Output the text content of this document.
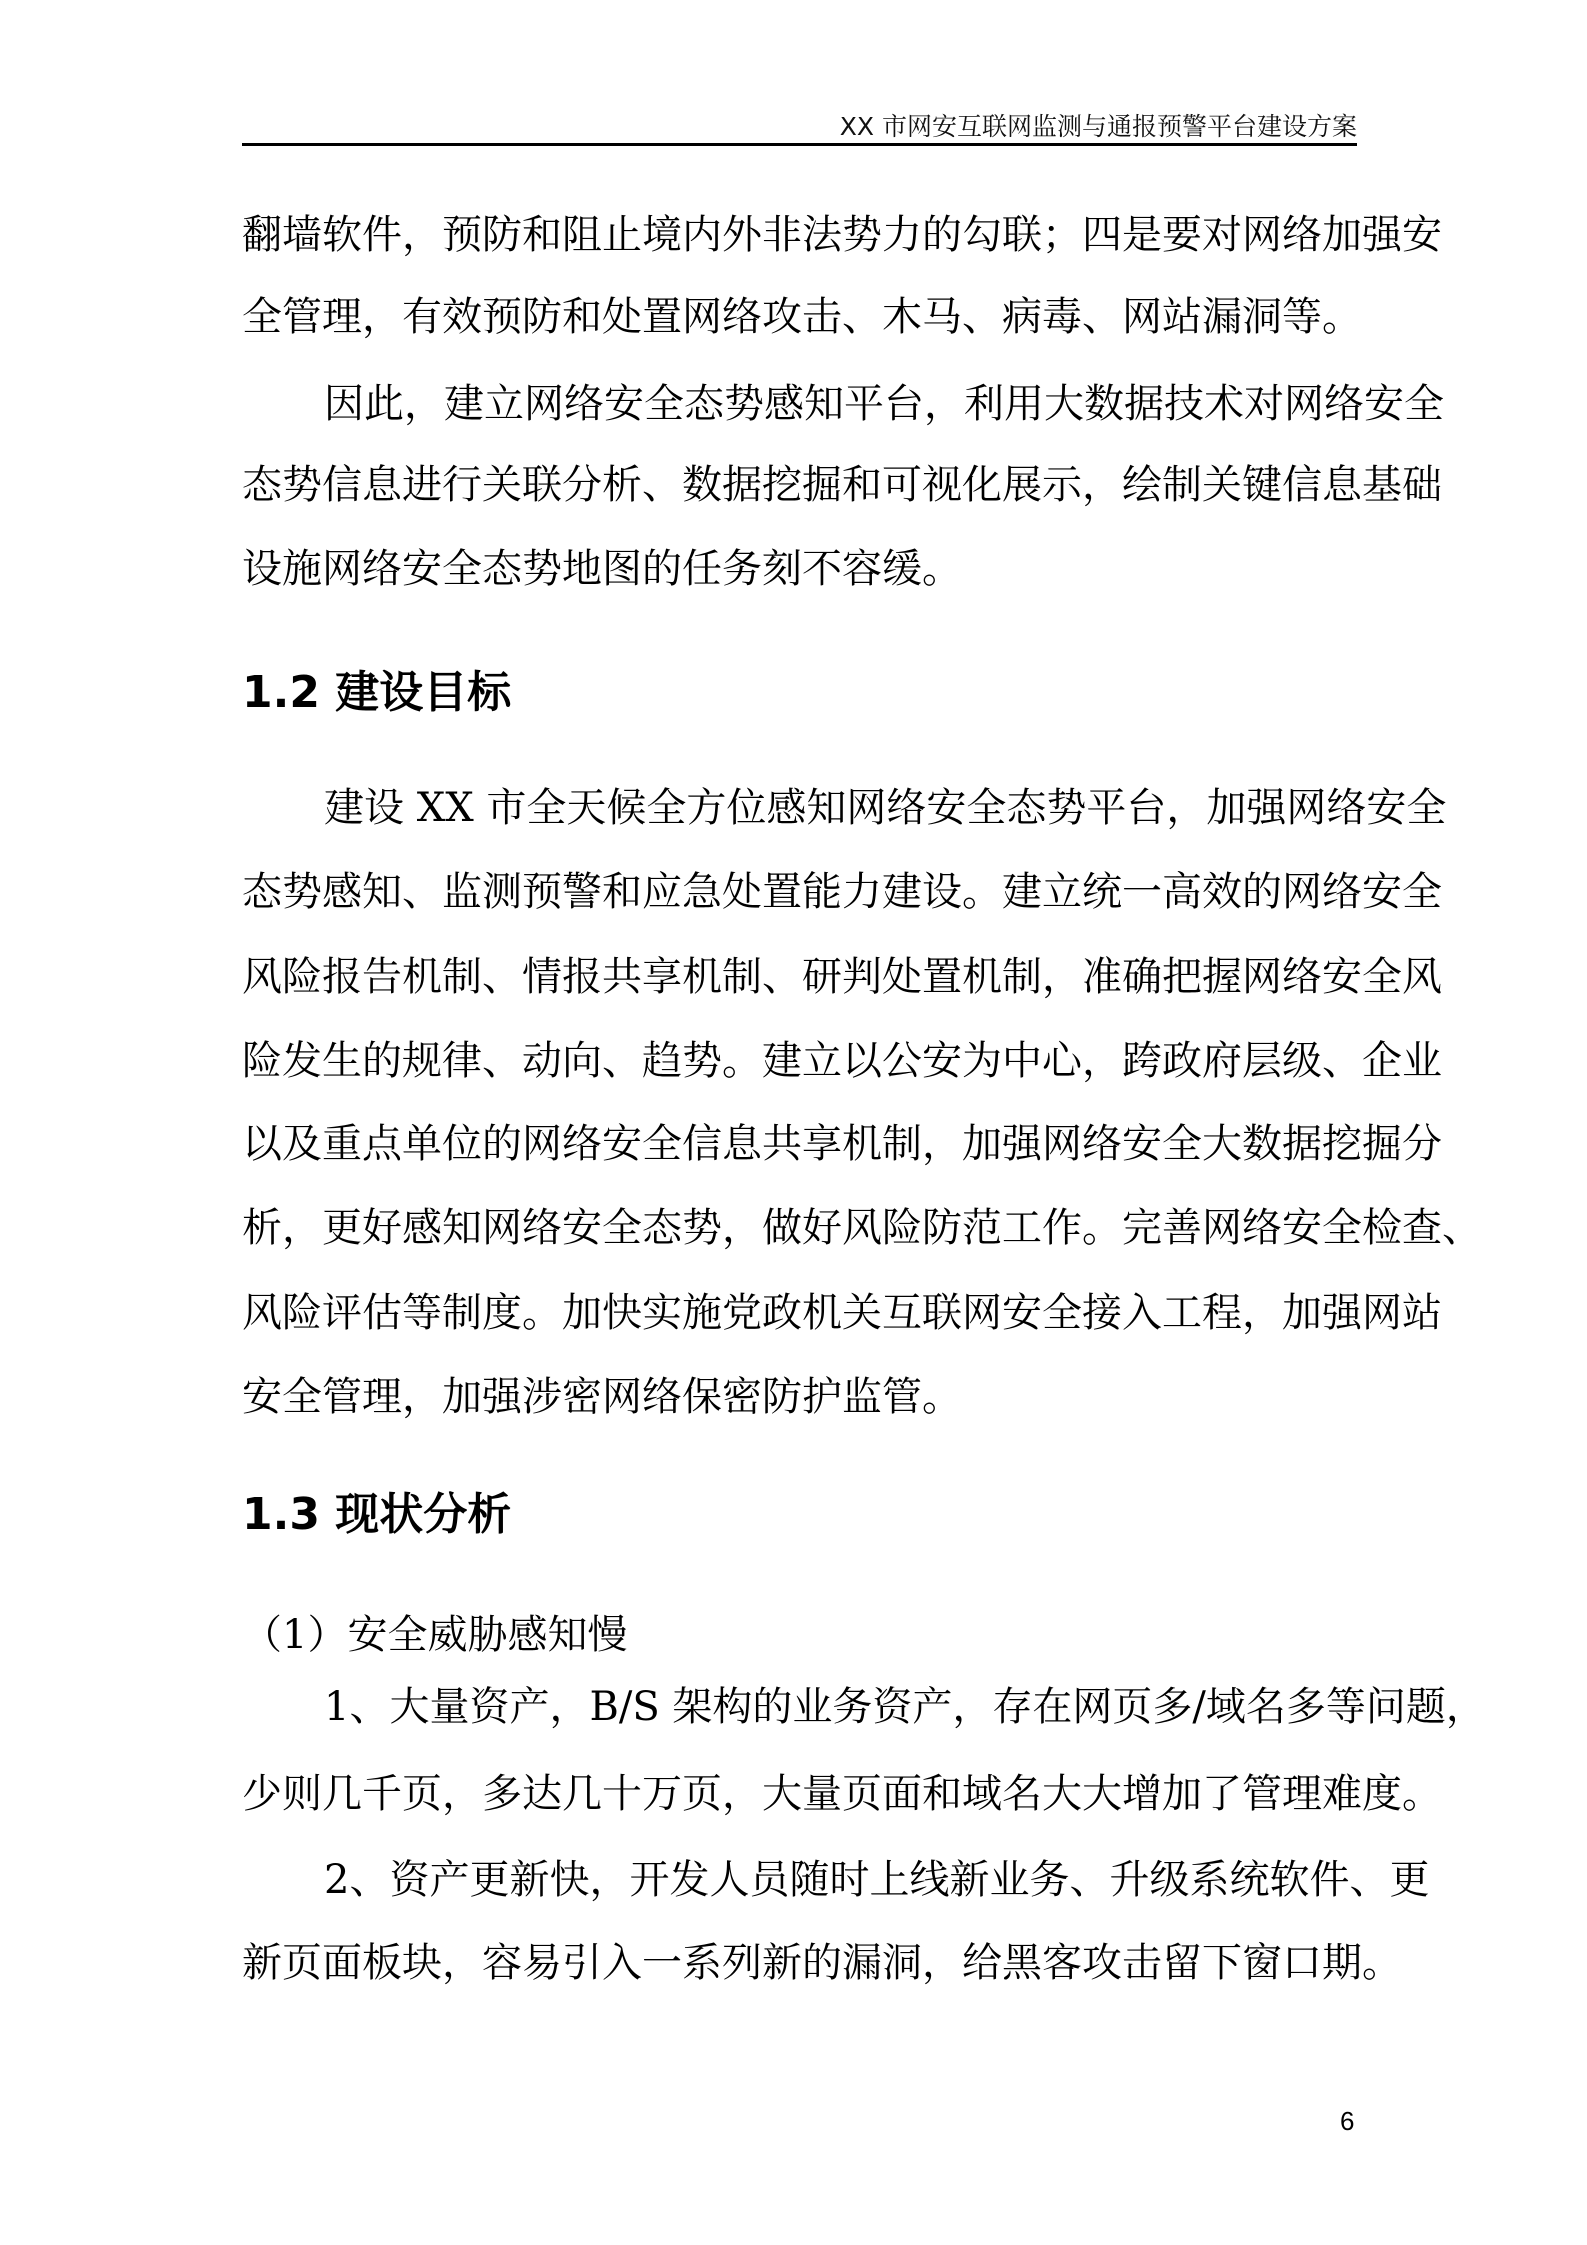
XX 市网安互联网监测与通报预警平台建设方案
翻墙软件，预防和阻止境内外非法势力的勾联；四是要对网络加强安
全管理，有效预防和处置网络攻击、木马、病毒、网站漏洞等。
因此，建立网络安全态势感知平台，利用大数据技术对网络安全
态势信息进行关联分析、数据挖掘和可视化展示，绘制关键信息基础
设施网络安全态势地图的任务刻不容缓。
1.2 建设目标
建设 XX 市全天候全方位感知网络安全态势平台，加强网络安全
态势感知、监测预警和应急处置能力建设。建立统一高效的网络安全
风险报告机制、情报共享机制、研判处置机制，准确把握网络安全风
险发生的规律、动向、趋势。建立以公安为中心，跨政府层级、企业
以及重点单位的网络安全信息共享机制，加强网络安全大数据挖掘分
析，更好感知网络安全态势，做好风险防范工作。完善网络安全检查、
风险评估等制度。加快实施党政机关互联网安全接入工程，加强网站
安全管理，加强涉密网络保密防护监管。
1.3 现状分析
（1）安全威胁感知慢
1、大量资产，B/S 架构的业务资产，存在网页多/域名多等问题，
少则几千页，多达几十万页，大量页面和域名大大增加了管理难度。
2、资产更新快，开发人员随时上线新业务、升级系统软件、更
新页面板块，容易引入一系列新的漏洞，给黑客攻击留下窗口期。
6
